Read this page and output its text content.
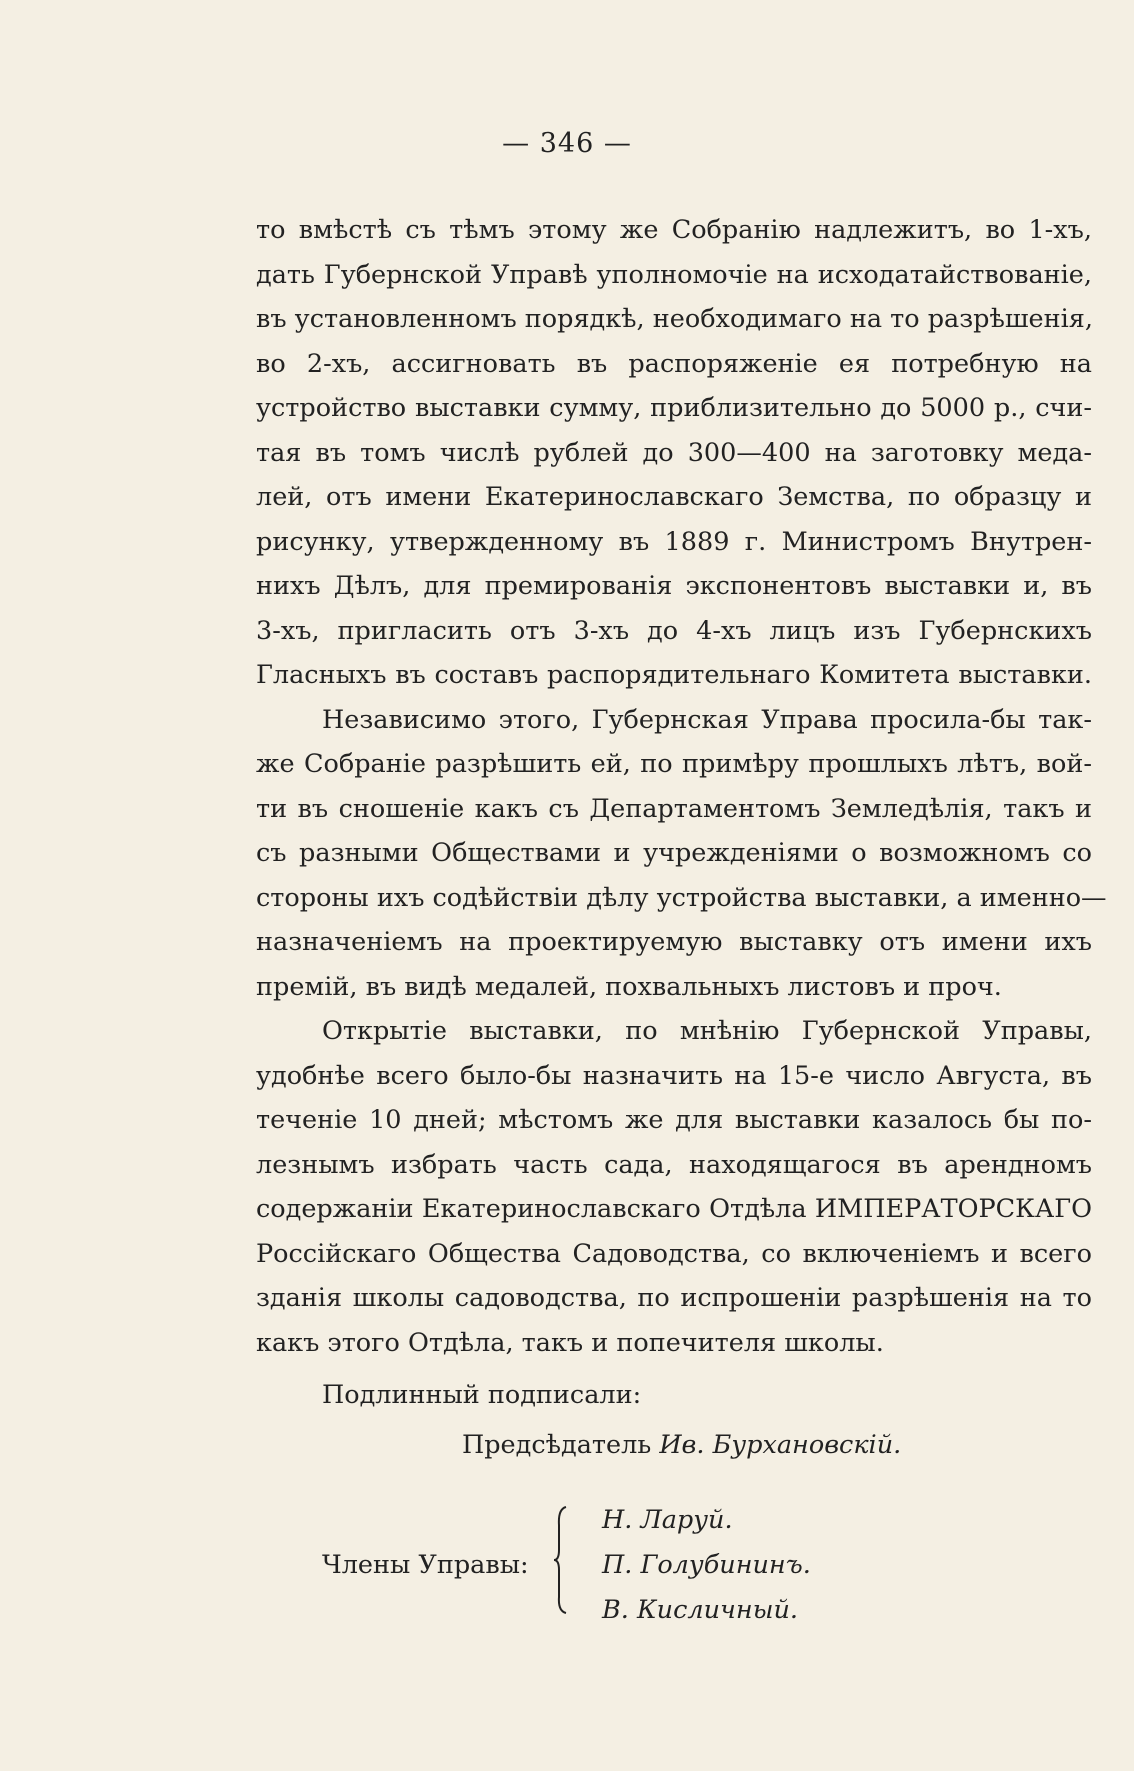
— 346 —
то вмѣстѣ съ тѣмъ этому же Собранію надлежитъ, во 1-хъ,
дать Губернской Управѣ уполномочіе на исходатайствованіе,
въ установленномъ порядкѣ, необходимаго на то разрѣшенія,
во 2-хъ, ассигновать въ распоряженіе ея потребную на
устройство выставки сумму, приблизительно до 5000 р., счи-
тая въ томъ числѣ рублей до 300—400 на заготовку меда-
лей, отъ имени Екатеринославскаго Земства, по образцу и
рисунку, утвержденному въ 1889 г. Министромъ Внутрен-
нихъ Дѣлъ, для премированія экспонентовъ выставки и, въ
3-хъ, пригласить отъ 3-хъ до 4-хъ лицъ изъ Губернскихъ
Гласныхъ въ составъ распорядительнаго Комитета выставки.
Независимо этого, Губернская Управа просила-бы так-
же Собраніе разрѣшить ей, по примѣру прошлыхъ лѣтъ, вой-
ти въ сношеніе какъ съ Департаментомъ Земледѣлія, такъ и
съ разными Обществами и учрежденіями о возможномъ со
стороны ихъ содѣйствіи дѣлу устройства выставки, а именно—
назначеніемъ на проектируемую выставку отъ имени ихъ
премій, въ видѣ медалей, похвальныхъ листовъ и проч.
Открытіе выставки, по мнѣнію Губернской Управы,
удобнѣе всего было-бы назначить на 15-е число Августа, въ
теченіе 10 дней; мѣстомъ же для выставки казалось бы по-
лезнымъ избрать часть сада, находящагося въ арендномъ
содержаніи Екатеринославскаго Отдѣла ИМПЕРАТОРСКАГО
Россійскаго Общества Садоводства, со включеніемъ и всего
зданія школы садоводства, по испрошеніи разрѣшенія на то
какъ этого Отдѣла, такъ и попечителя школы.
Подлинный подписали:
Предсѣдатель Ив. Бурхановскій.
Члены Управы:
Н. Ларуй.
П. Голубининъ.
В. Кисличный.
